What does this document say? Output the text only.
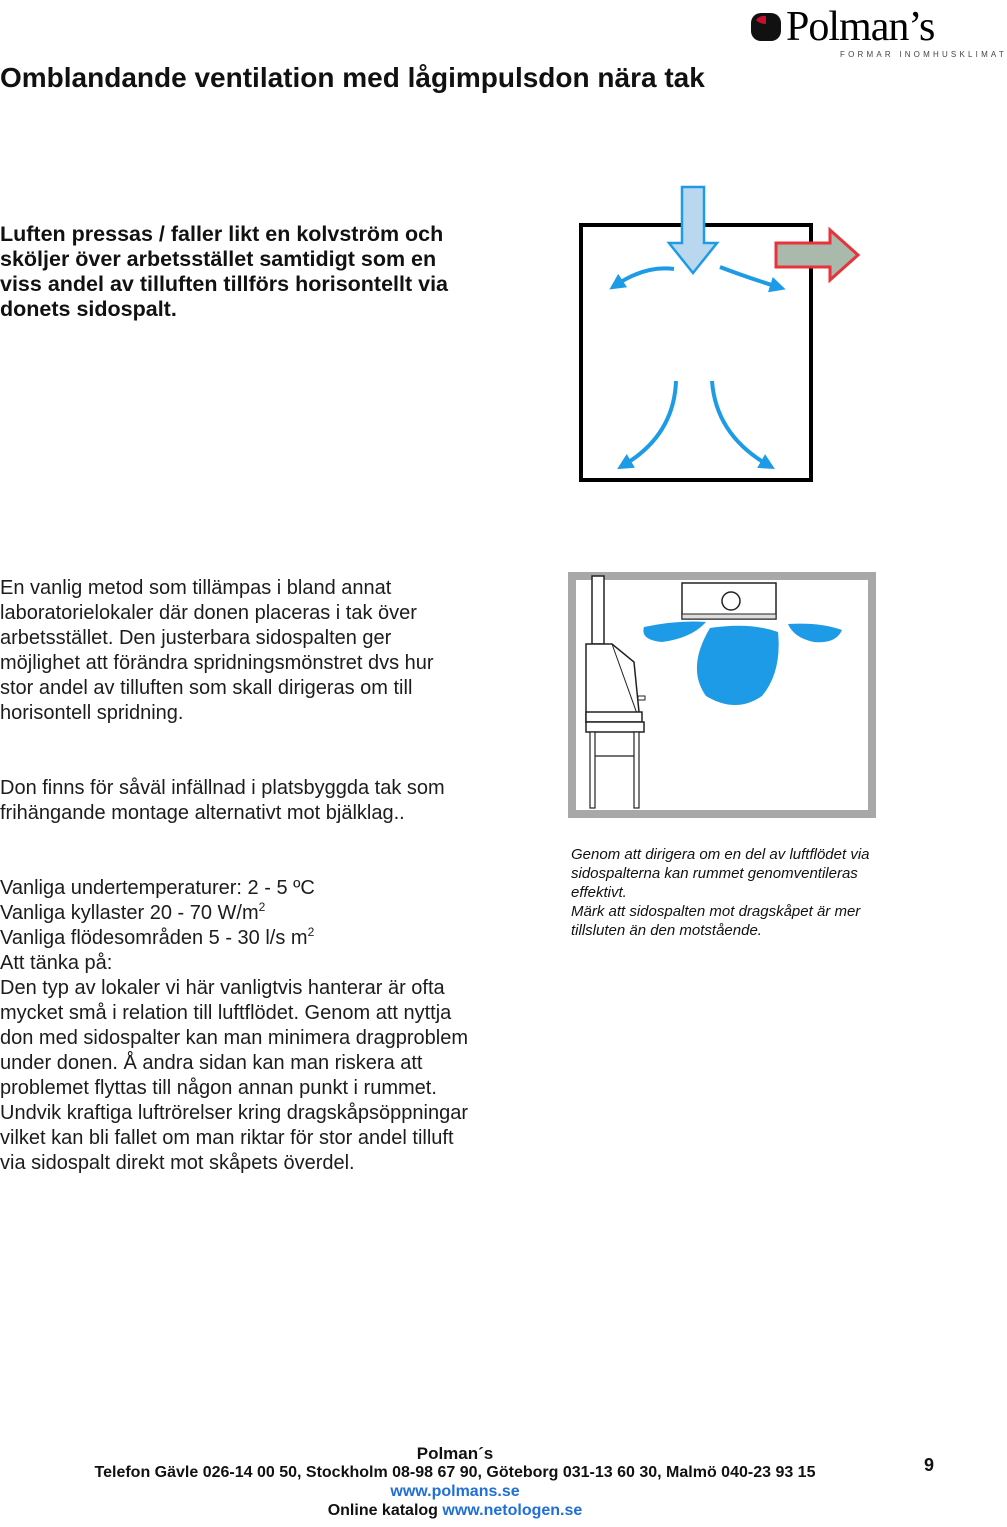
Polman’s
FORMAR INOMHUSKLIMAT
Omblandande ventilation med lågimpulsdon nära tak
Luften pressas / faller likt en kolvström och sköljer över arbetsstället samtidigt som en viss andel av tilluften tillförs horisontellt via donets sidospalt.
En vanlig metod som tillämpas i bland annat laboratorielokaler där donen placeras i tak över arbetsstället. Den justerbara sidospalten ger möjlighet att förändra spridningsmönstret dvs hur stor andel av tilluften som skall dirigeras om till horisontell spridning.
Don finns för såväl infällnad i platsbyggda tak som frihängande montage alternativt mot bjälklag..
Vanliga undertemperaturer: 2 - 5 ºC
Vanliga kyllaster 20 - 70 $W/m^2$
Vanliga flödesområden 5 - 30 l/s $m^2$
Att tänka på:
Den typ av lokaler vi här vanligtvis hanterar är ofta mycket små i relation till luftflödet. Genom att nyttja don med sidospalter kan man minimera dragproblem under donen. Å andra sidan kan man riskera att problemet flyttas till någon annan punkt i rummet. Undvik kraftiga luftrörelser kring dragskåpsöppningar vilket kan bli fallet om man riktar för stor andel tilluft via sidospalt direkt mot skåpets överdel.
Genom att dirigera om en del av luftflödet via sidospalterna kan rummet genomventileras effektivt.
Märk att sidospalten mot dragskåpet är mer tillsluten än den motstående.
Polman´s
Telefon Gävle 026-14 00 50, Stockholm 08-98 67 90, Göteborg 031-13 60 30, Malmö 040-23 93 15
www.polmans.se
Online katalog www.netologen.se
9
